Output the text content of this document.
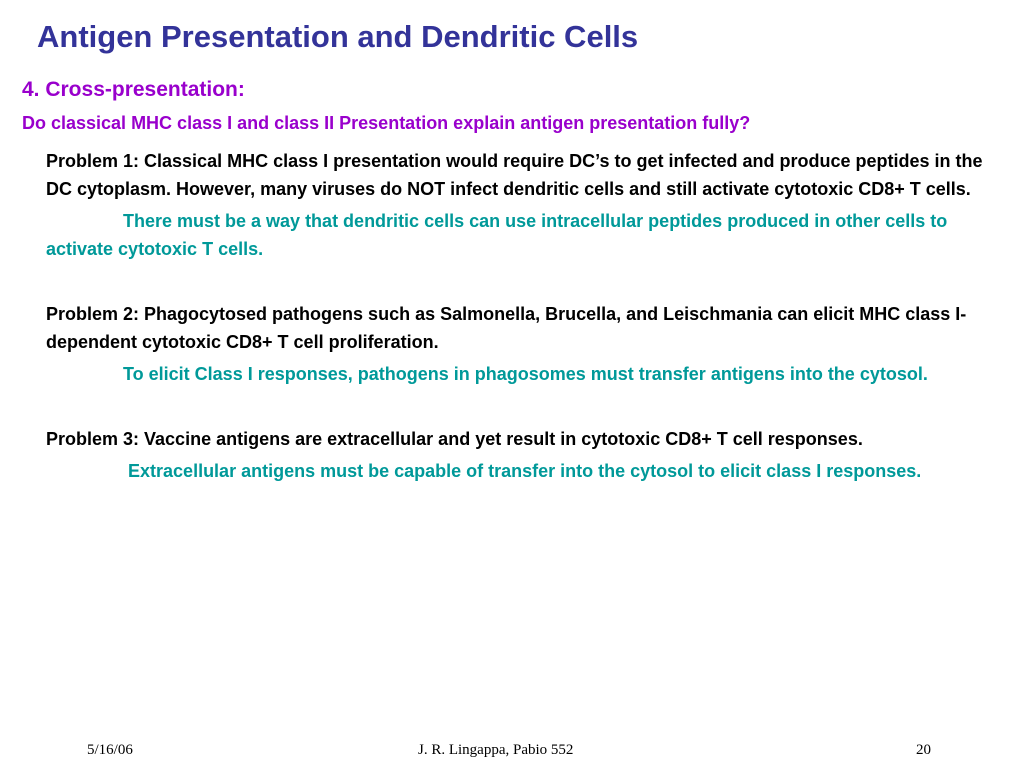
Antigen Presentation and Dendritic Cells
4. Cross-presentation:

Do classical MHC class I and class II Presentation explain antigen presentation fully?

Problem 1: Classical MHC class I presentation would require DC’s to get infected and produce peptides in the DC cytoplasm. However, many viruses do NOT infect dendritic cells and still activate cytotoxic CD8+ T cells.

There must be a way that dendritic cells can use intracellular peptides produced in other cells to activate cytotoxic T cells.

Problem 2: Phagocytosed pathogens such as Salmonella, Brucella, and Leischmania can elicit MHC class I-dependent cytotoxic CD8+ T cell proliferation.

To elicit Class I responses, pathogens in phagosomes must transfer antigens into the cytosol.

Problem 3: Vaccine antigens are extracellular and yet result in cytotoxic CD8+ T cell responses.

Extracellular antigens must be capable of transfer into the cytosol to elicit class I responses.

5/16/06	J. R. Lingappa, Pabio 552	20
